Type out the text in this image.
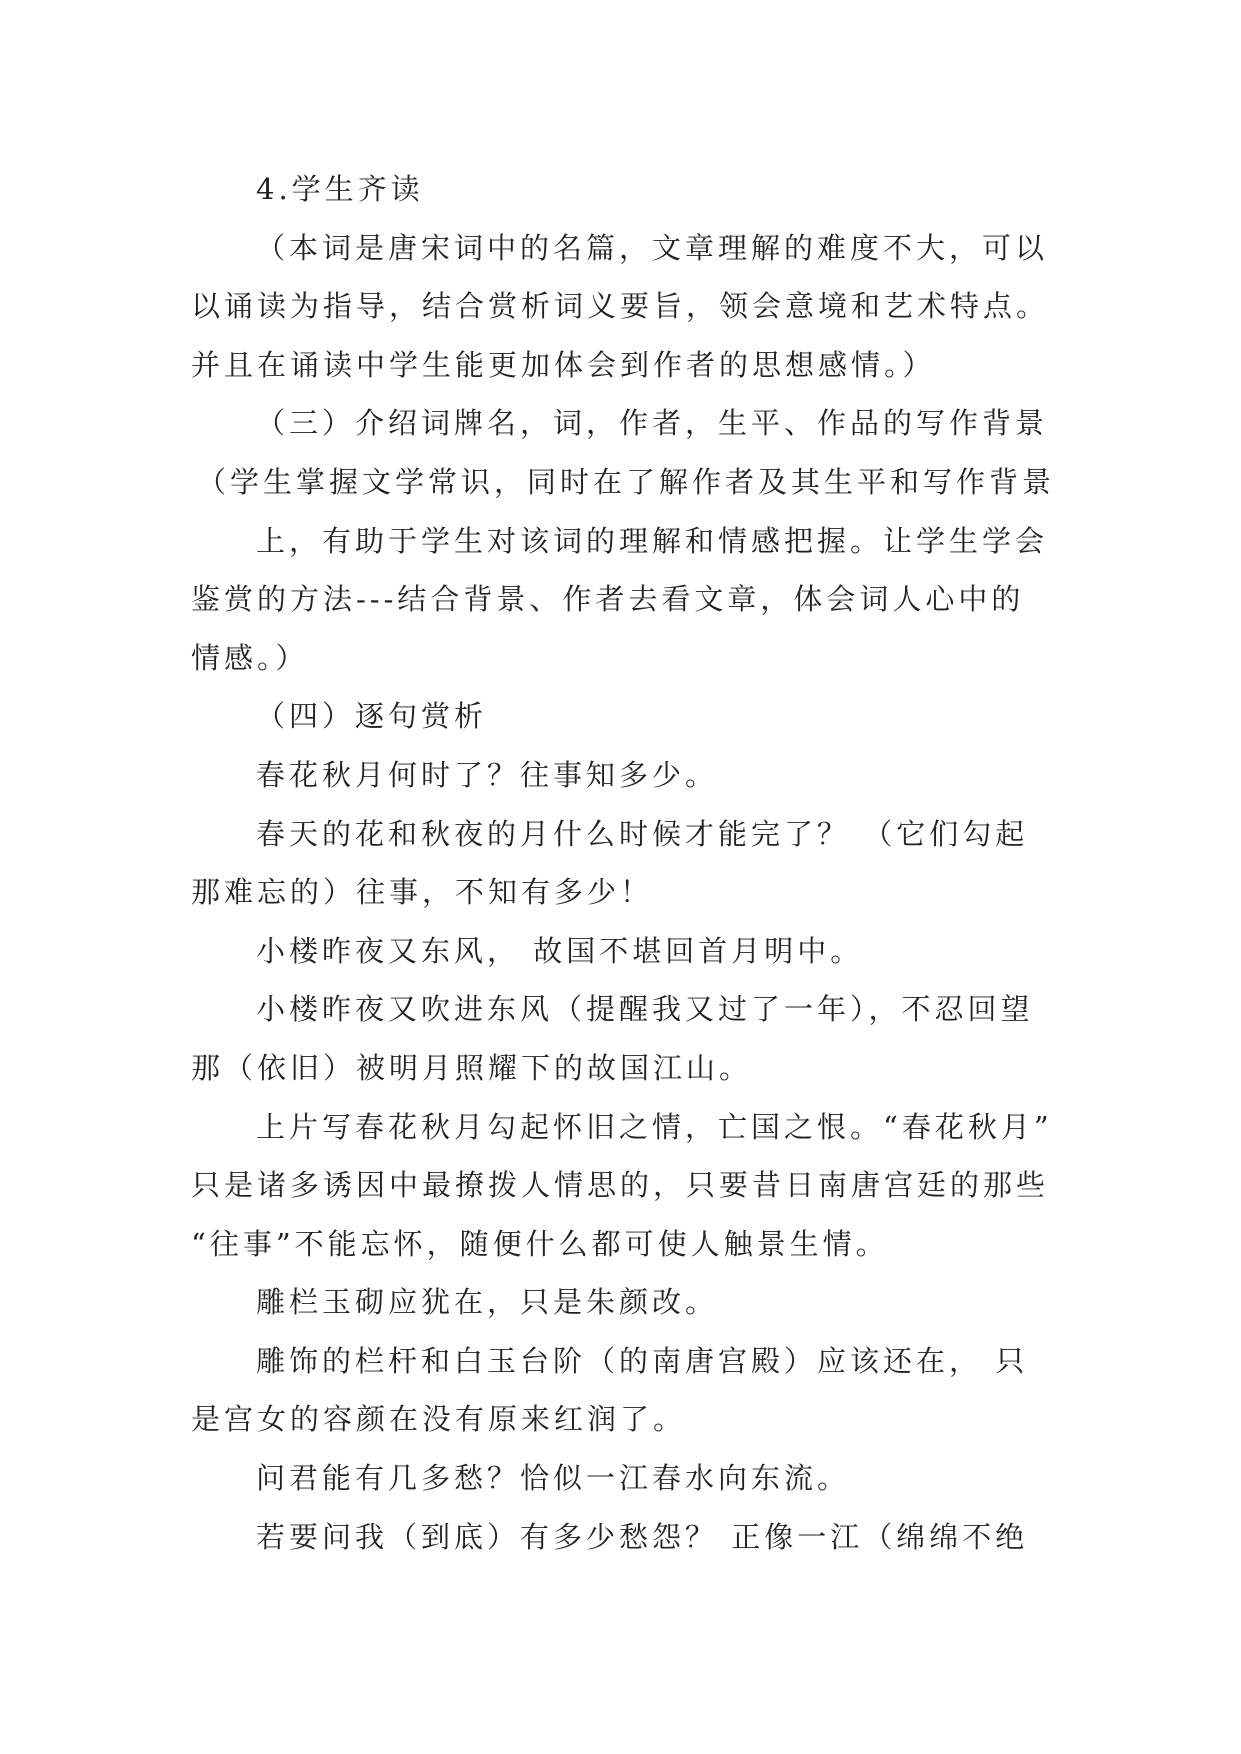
4.学生齐读
（本词是唐宋词中的名篇，文章理解的难度不大，可以
以诵读为指导，结合赏析词义要旨，领会意境和艺术特点。
并且在诵读中学生能更加体会到作者的思想感情。）
（三）介绍词牌名，词，作者，生平、作品的写作背景
（学生掌握文学常识，同时在了解作者及其生平和写作背景
上，有助于学生对该词的理解和情感把握。让学生学会
鉴赏的方法---结合背景、作者去看文章，体会词人心中的
情感。）
（四）逐句赏析
春花秋月何时了？往事知多少。
春天的花和秋夜的月什么时候才能完了？ （它们勾起
那难忘的）往事，不知有多少！
小楼昨夜又东风， 故国不堪回首月明中。
小楼昨夜又吹进东风（提醒我又过了一年），不忍回望
那（依旧）被明月照耀下的故国江山。
上片写春花秋月勾起怀旧之情，亡国之恨。“春花秋月”
只是诸多诱因中最撩拨人情思的，只要昔日南唐宫廷的那些
“往事”不能忘怀，随便什么都可使人触景生情。
雕栏玉砌应犹在，只是朱颜改。
雕饰的栏杆和白玉台阶（的南唐宫殿）应该还在， 只
是宫女的容颜在没有原来红润了。
问君能有几多愁？恰似一江春水向东流。
若要问我（到底）有多少愁怨？ 正像一江（绵绵不绝
